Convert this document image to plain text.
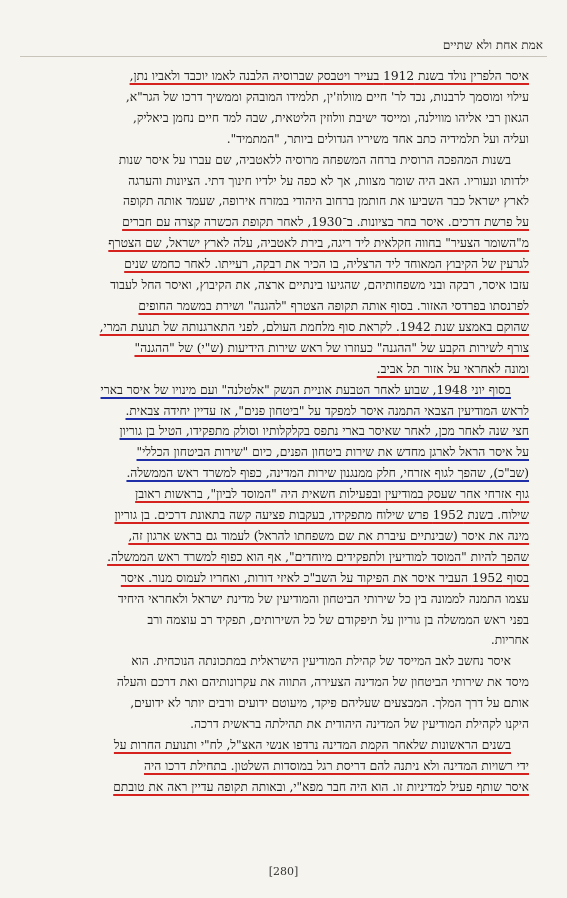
אמת אחת ולא שתיים
איסר הלפרין נולד בשנת 1912 בעייר ויטבסק שברוסיה הלבנה לאמו יוכבד ולאביו נתן,
עילוי ומוסמך לרבנות, נכד לר' חיים מוולוז'ין, תלמידו המובהק וממשיך דרכו של הגר"א,
הגאון רבי אליהו מווילנה, ומייסד ישיבת וולוזין הליטאית, שבה למד חיים נחמן ביאליק,
ועליה ועל תלמידיה כתב אחד משיריו הגדולים ביותר, "המתמיד".
בשנות המהפכה הרוסית ברחה המשפחה מרוסיה ללאטביה, שם עברו על איסר שנות
ילדותו ונעוריו. האב היה שומר מצוות, אך לא כפה על ילדיו חינוך דתי. הציונות והערגה
לארץ ישראל כבר השביעו את חותמן ברחוב היהודי במזרח אירופה, שעמד אותה תקופה
על פרשת דרכים. איסר בחר בציונות. ב־1930, לאחר תקופת הכשרה קצרה עם חברים
מ"השומר הצעיר" בחווה חקלאית ליד ריגה, בירת לאטביה, עלה לארץ ישראל, שם הצטרף
לגרעין של הקיבוץ המאוחד ליד הרצליה, בו הכיר את רבקה, רעייתו. לאחר כחמש שנים
עזבו איסר, רבקה ובני משפחותיהם, שהגיעו בינתיים ארצה, את הקיבוץ, ואיסר החל לעבוד
לפרנסתו בפרדסי האזור. בסוף אותה תקופה הצטרף "להגנה" ושירת במשמר החופים
שהוקם באמצע שנת 1942. לקראת סוף מלחמת העולם, לפני התארגנותה של תנועת המרי,
צורף לשירות הקבע של "ההגנה" כעוזרו של ראש שירות הידיעות (ש"י) של "ההגנה"
ומונה לאחראי על אזור תל אביב.
בסוף יוני 1948, שבוע לאחר הטבעת אוניית הנשק "אלטלנה" ועם מינויו של איסר בארי
לראש המודיעין הצבאי התמנה איסר למפקד על "ביטחון פנים", אז עדיין יחידה צבאית.
חצי שנה לאחר מכן, לאחר שאיסר בארי נתפס בקלקלותיו וסולק מתפקידו, הטיל בן גוריון
על איסר הראל לארגן מחדש את שירות ביטחון הפנים, כיום "שירות הביטחון הכללי"
(שב"כ), שהפך לגוף אזרחי, חלק ממנגנון שירות המדינה, כפוף למשרד ראש הממשלה.
גוף אזרחי אחר שעסק במודיעין ובפעילות חשאית היה "המוסד לביון", בראשות ראובן
שילוח. בשנת 1952 פרש שילוח מתפקידו, בעקבות פציעה קשה בתאונת דרכים. בן גוריון
מינה את איסר (שבינתיים עיברת את שם משפחתו להראל) לעמוד גם בראש ארגון זה,
שהפך להיות "המוסד למודיעין ולתפקידים מיוחדים", אף הוא כפוף למשרד ראש הממשלה.
בסוף 1952 העביר איסר את הפיקוד על השב"כ לאיזי דורות, ואחריו לעמוס מנור. איסר
עצמו התמנה לממונה בין כל שירותי הביטחון והמודיעין של מדינת ישראל ולאחראי היחיד
בפני ראש הממשלה בן גוריון על תיפקודם של כל השירותים, תפקיד רב עוצמה ורב
אחריות.
איסר נחשב לאב המייסד של קהילת המודיעין הישראלית במתכונתה הנוכחית. הוא
מיסד את שירותי הביטחון של המדינה הצעירה, התווה את עקרונותיהם ואת דרכם והעלה
אותם על דרך המלך. המבצעים שעליהם פיקד, מיעוטם ידועים ורבים יותר לא ידועים,
היקנו לקהילת המודיעין של המדינה היהודית את תהילתה בראשית דרכה.
בשנים הראשונות שלאחר הקמת המדינה נרדפו אנשי האצ"ל, לח"י ותנועת החרות על
ידי רשויות המדינה ולא ניתנה להם דריסת רגל במוסדות השלטון. בתחילת דרכו היה
איסר שותף פעיל למדיניות זו. הוא היה חבר מפא"י, ובאותה תקופה עדיין ראה את טובתם
[280]
